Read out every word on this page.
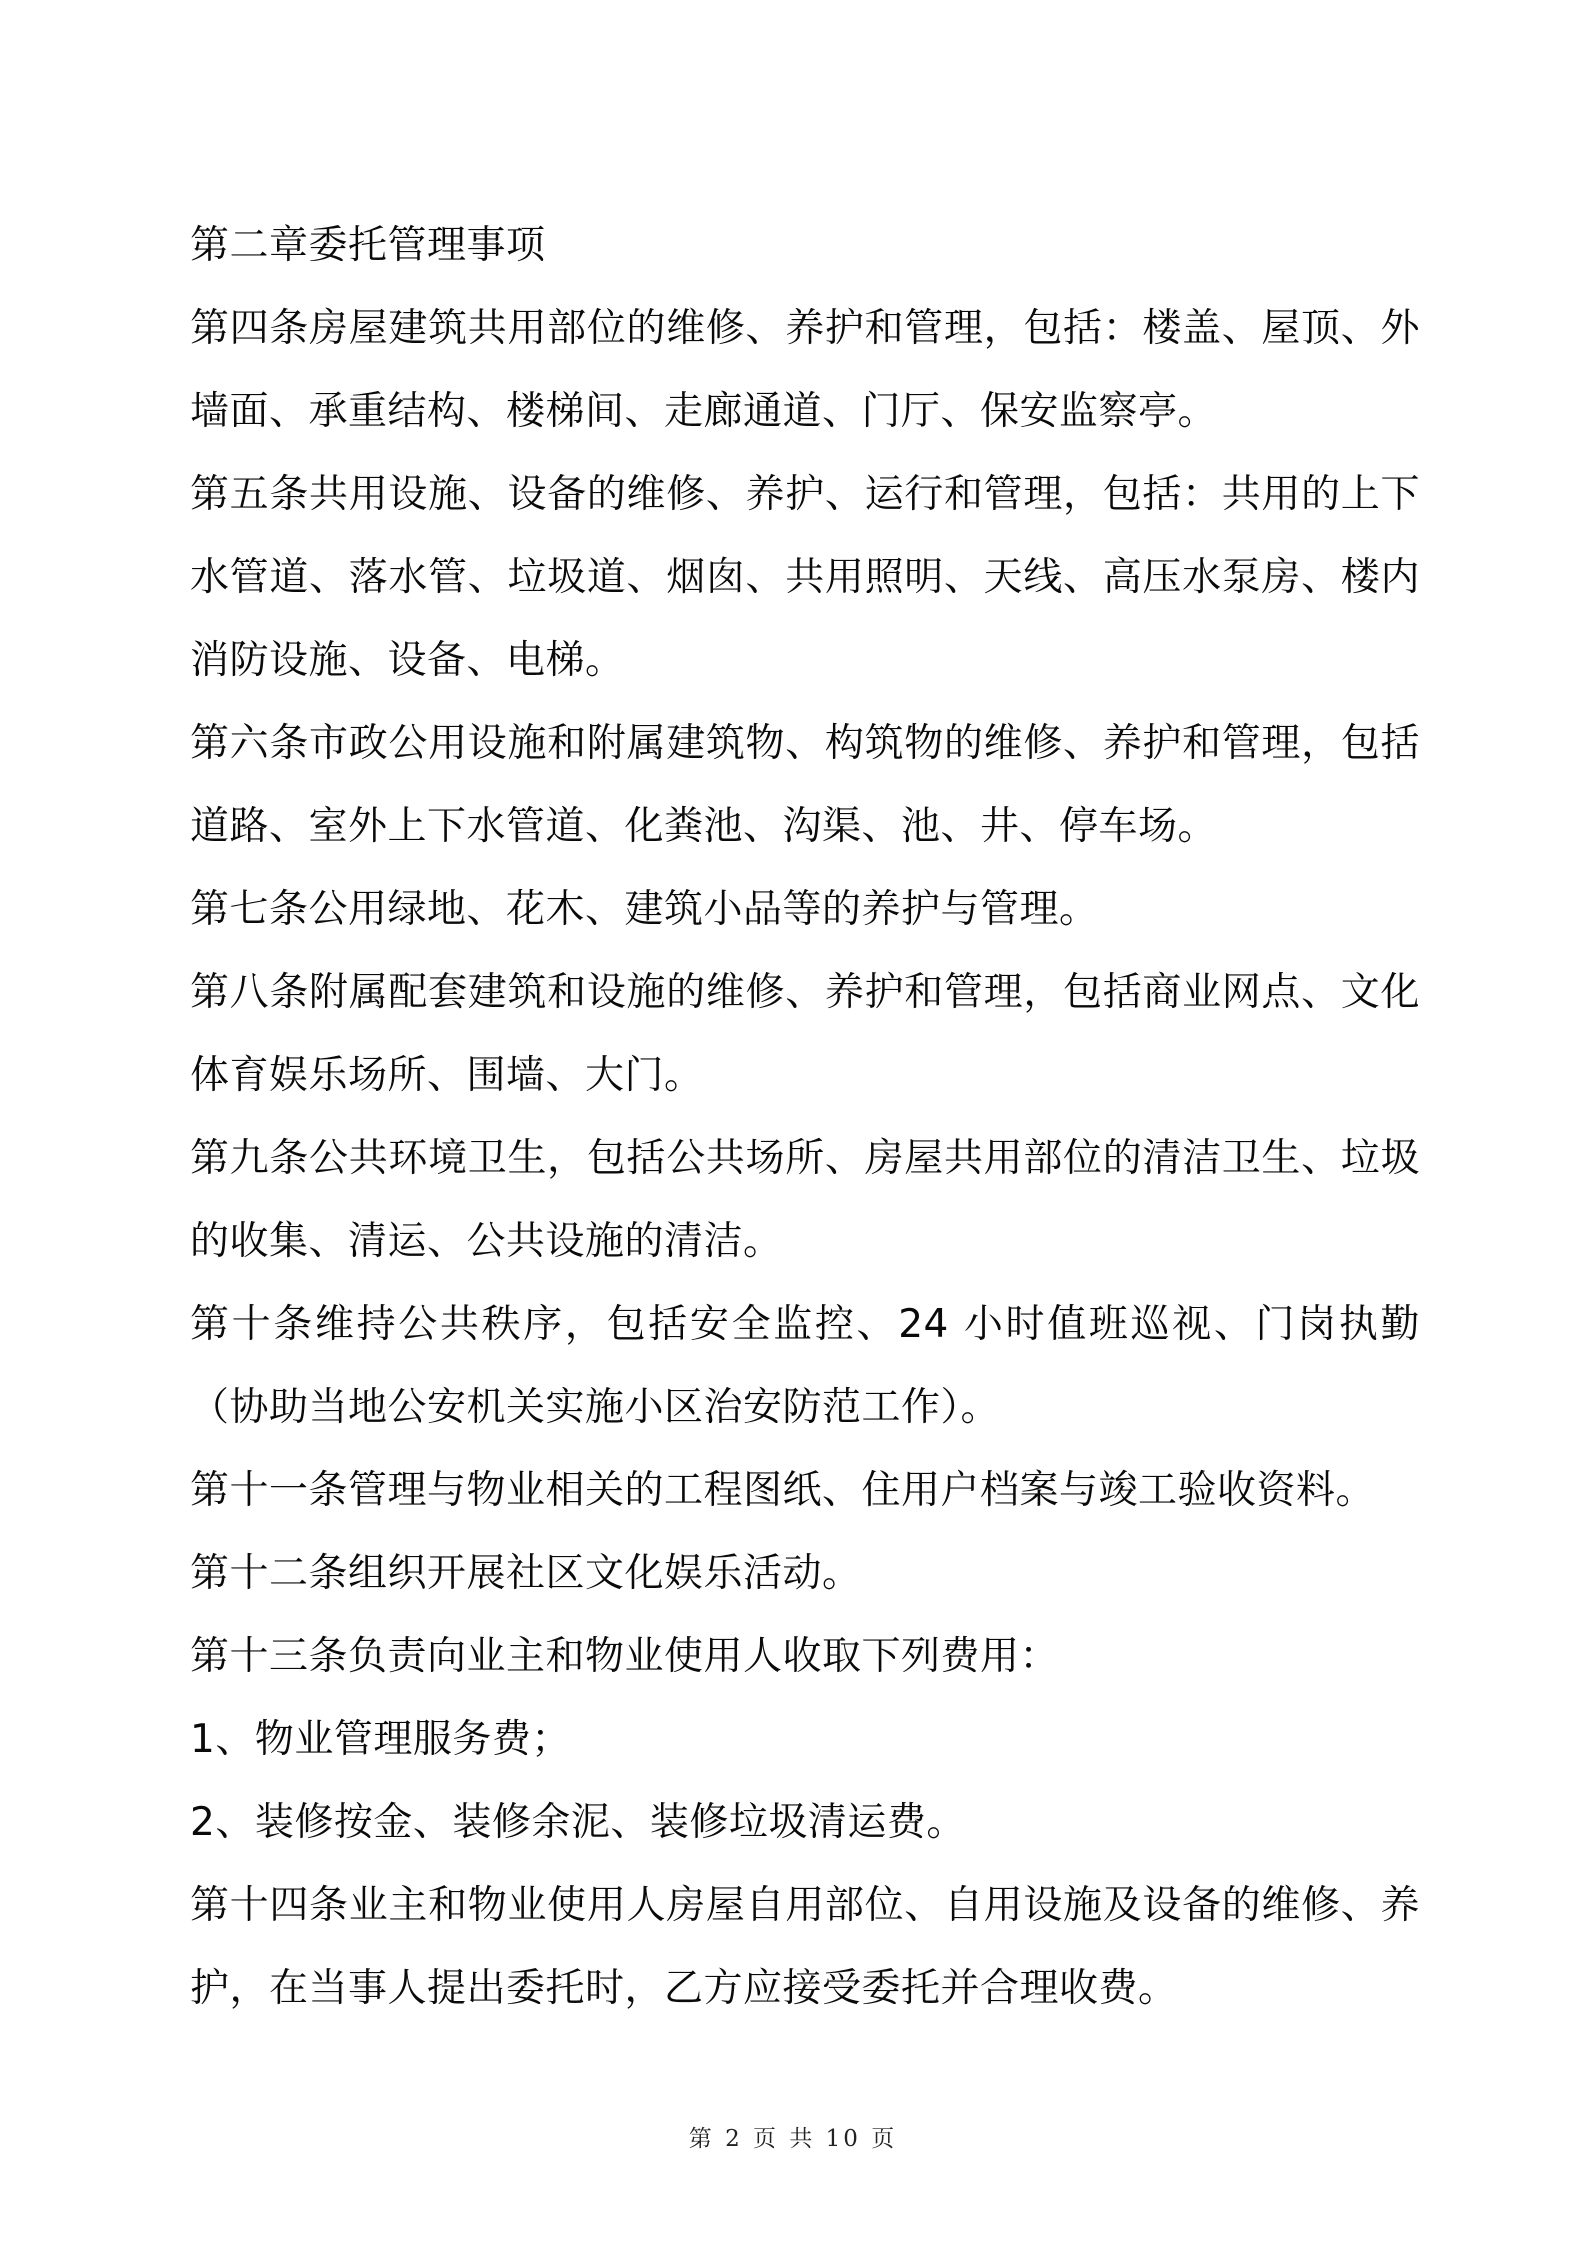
第二章委托管理事项

第四条房屋建筑共用部位的维修、养护和管理，包括：楼盖、屋顶、外墙面、承重结构、楼梯间、走廊通道、门厅、保安监察亭。

第五条共用设施、设备的维修、养护、运行和管理，包括：共用的上下水管道、落水管、垃圾道、烟囱、共用照明、天线、高压水泵房、楼内消防设施、设备、电梯。

第六条市政公用设施和附属建筑物、构筑物的维修、养护和管理，包括道路、室外上下水管道、化粪池、沟渠、池、井、停车场。

第七条公用绿地、花木、建筑小品等的养护与管理。

第八条附属配套建筑和设施的维修、养护和管理，包括商业网点、文化体育娱乐场所、围墙、大门。

第九条公共环境卫生，包括公共场所、房屋共用部位的清洁卫生、垃圾的收集、清运、公共设施的清洁。

第十条维持公共秩序，包括安全监控、24 小时值班巡视、门岗执勤（协助当地公安机关实施小区治安防范工作）。

第十一条管理与物业相关的工程图纸、住用户档案与竣工验收资料。

第十二条组织开展社区文化娱乐活动。

第十三条负责向业主和物业使用人收取下列费用：

1、物业管理服务费；

2、装修按金、装修余泥、装修垃圾清运费。

第十四条业主和物业使用人房屋自用部位、自用设施及设备的维修、养护，在当事人提出委托时，乙方应接受委托并合理收费。

第 2 页 共 10 页
